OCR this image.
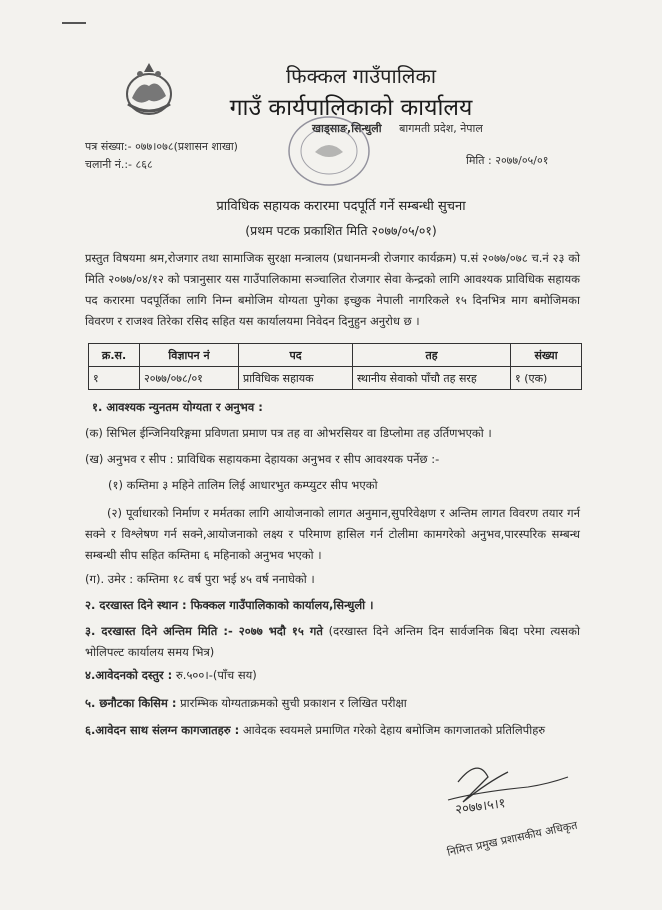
फिक्कल गाउँपालिका
गाउँ कार्यपालिकाको कार्यालय
खाड्साङ,सिन्धुली बागमती प्रदेश, नेपाल
पत्र संख्या:- ०७७।०७८(प्रशासन शाखा)
चलानी नं.:- ८६८	मिति : २०७७/०५/०१
प्राविधिक सहायक करारमा पदपूर्ति गर्ने सम्बन्धी सुचना
(प्रथम पटक प्रकाशित मिति २०७७/०५/०१)
प्रस्तुत विषयमा श्रम,रोजगार तथा सामाजिक सुरक्षा मन्त्रालय (प्रधानमन्त्री रोजगार कार्यक्रम) प.सं २०७७/०७८ च.नं २३ को मिति २०७७/०४/१२ को पत्रानुसार यस गाउँपालिकामा सञ्चालित रोजगार सेवा केन्द्रको लागि आवश्यक प्राविधिक सहायक पद करारमा पदपूर्तिका लागि निम्न बमोजिम योग्यता पुगेका इच्छुक नेपाली नागरिकले १५ दिनभित्र माग बमोजिमका विवरण र राजश्व तिरेका रसिद सहित यस कार्यालयमा निवेदन दिनुहुन अनुरोध छ ।
क्र.स.	विज्ञापन नं	पद	तह	संख्या
१	२०७७/०७८/०१	प्राविधिक सहायक	स्थानीय सेवाको पाँचौ तह सरह	१ (एक)
१. आवश्यक न्युनतम योग्यता र अनुभव :
(क) सिभिल ईन्जिनियरिङ्गमा प्रविणता प्रमाण पत्र तह वा ओभरसियर वा डिप्लोमा तह उर्तिणभएको ।
(ख) अनुभव र सीप : प्राविधिक सहायकमा देहायका अनुभव र सीप आवश्यक पर्नेछ :-
(१) कम्तिमा ३ महिने तालिम लिई आधारभुत कम्प्युटर सीप भएको
(२) पूर्वाधारको निर्माण र मर्मतका लागि आयोजनाको लागत अनुमान,सुपरिवेक्षण र अन्तिम लागत विवरण तयार गर्न सक्ने र विश्लेषण गर्न सक्ने,आयोजनाको लक्ष्य र परिमाण हासिल गर्न टोलीमा कामगरेको अनुभव,पारस्परिक सम्बन्ध सम्बन्धी सीप सहित कम्तिमा ६ महिनाको अनुभव भएको ।
(ग). उमेर : कम्तिमा १८ वर्ष पुरा भई ४५ वर्ष ननाघेको ।
२. दरखास्त दिने स्थान : फिक्कल गाउँपालिकाको कार्यालय,सिन्धुली ।
३. दरखास्त दिने अन्तिम मिति :- २०७७ भदौ १५ गते (दरखास्त दिने अन्तिम दिन सार्वजनिक बिदा परेमा त्यसको भोलिपल्ट कार्यालय समय भित्र)
४.आवेदनको दस्तुर : रु.५००।-(पाँच सय)
५. छनौटका किसिम : प्रारम्भिक योग्यताक्रमको सुची प्रकाशन र लिखित परीक्षा
६.आवेदन साथ संलग्न कागजातहरु : आवेदक स्वयमले प्रमाणित गरेको देहाय बमोजिम कागजातको प्रतिलिपीहरु
२०७७।५।१
निमित्त प्रमुख प्रशासकीय अधिकृत
